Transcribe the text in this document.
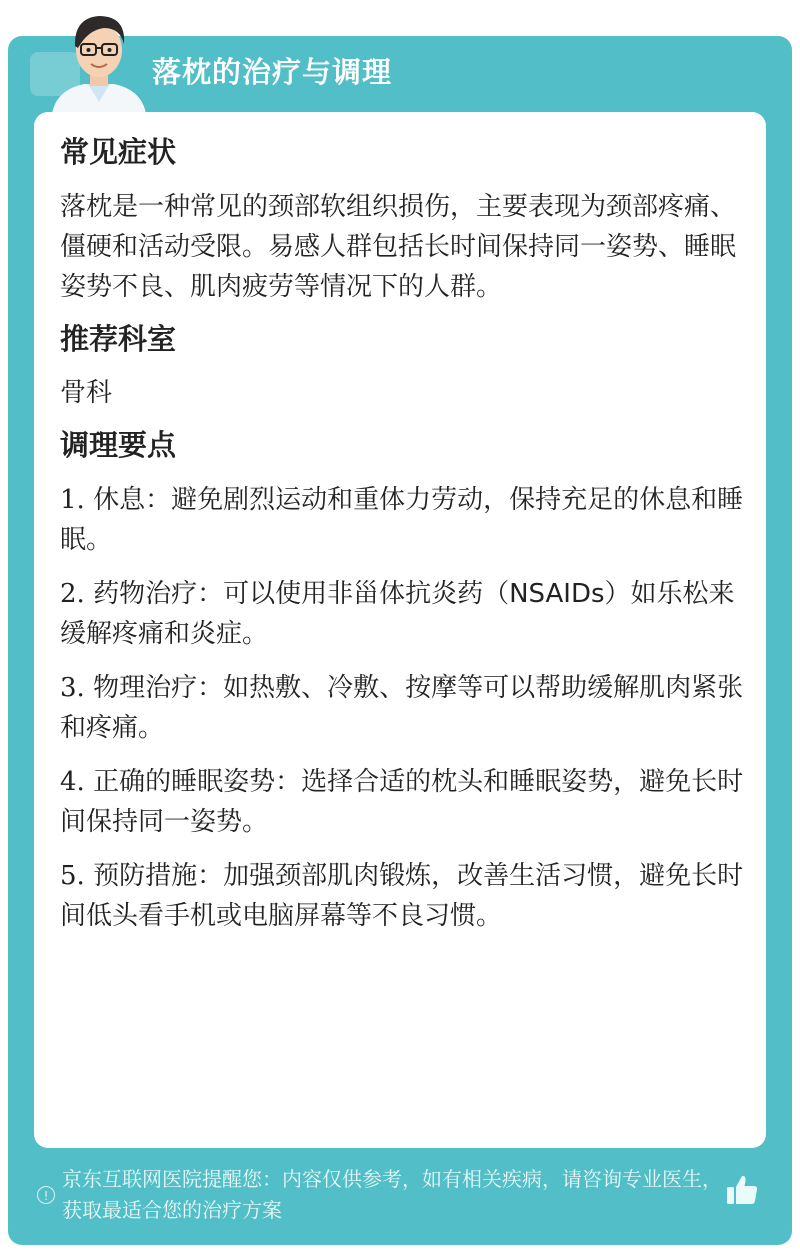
落枕的治疗与调理
常见症状
落枕是一种常见的颈部软组织损伤，主要表现为颈部疼痛、僵硬和活动受限。易感人群包括长时间保持同一姿势、睡眠姿势不良、肌肉疲劳等情况下的人群。
推荐科室
骨科
调理要点
1. 休息：避免剧烈运动和重体力劳动，保持充足的休息和睡眠。
2. 药物治疗：可以使用非甾体抗炎药（NSAIDs）如乐松来缓解疼痛和炎症。
3. 物理治疗：如热敷、冷敷、按摩等可以帮助缓解肌肉紧张和疼痛。
4. 正确的睡眠姿势：选择合适的枕头和睡眠姿势，避免长时间保持同一姿势。
5. 预防措施：加强颈部肌肉锻炼，改善生活习惯，避免长时间低头看手机或电脑屏幕等不良习惯。
!
京东互联网医院提醒您：内容仅供参考，如有相关疾病，请咨询专业医生，获取最适合您的治疗方案
